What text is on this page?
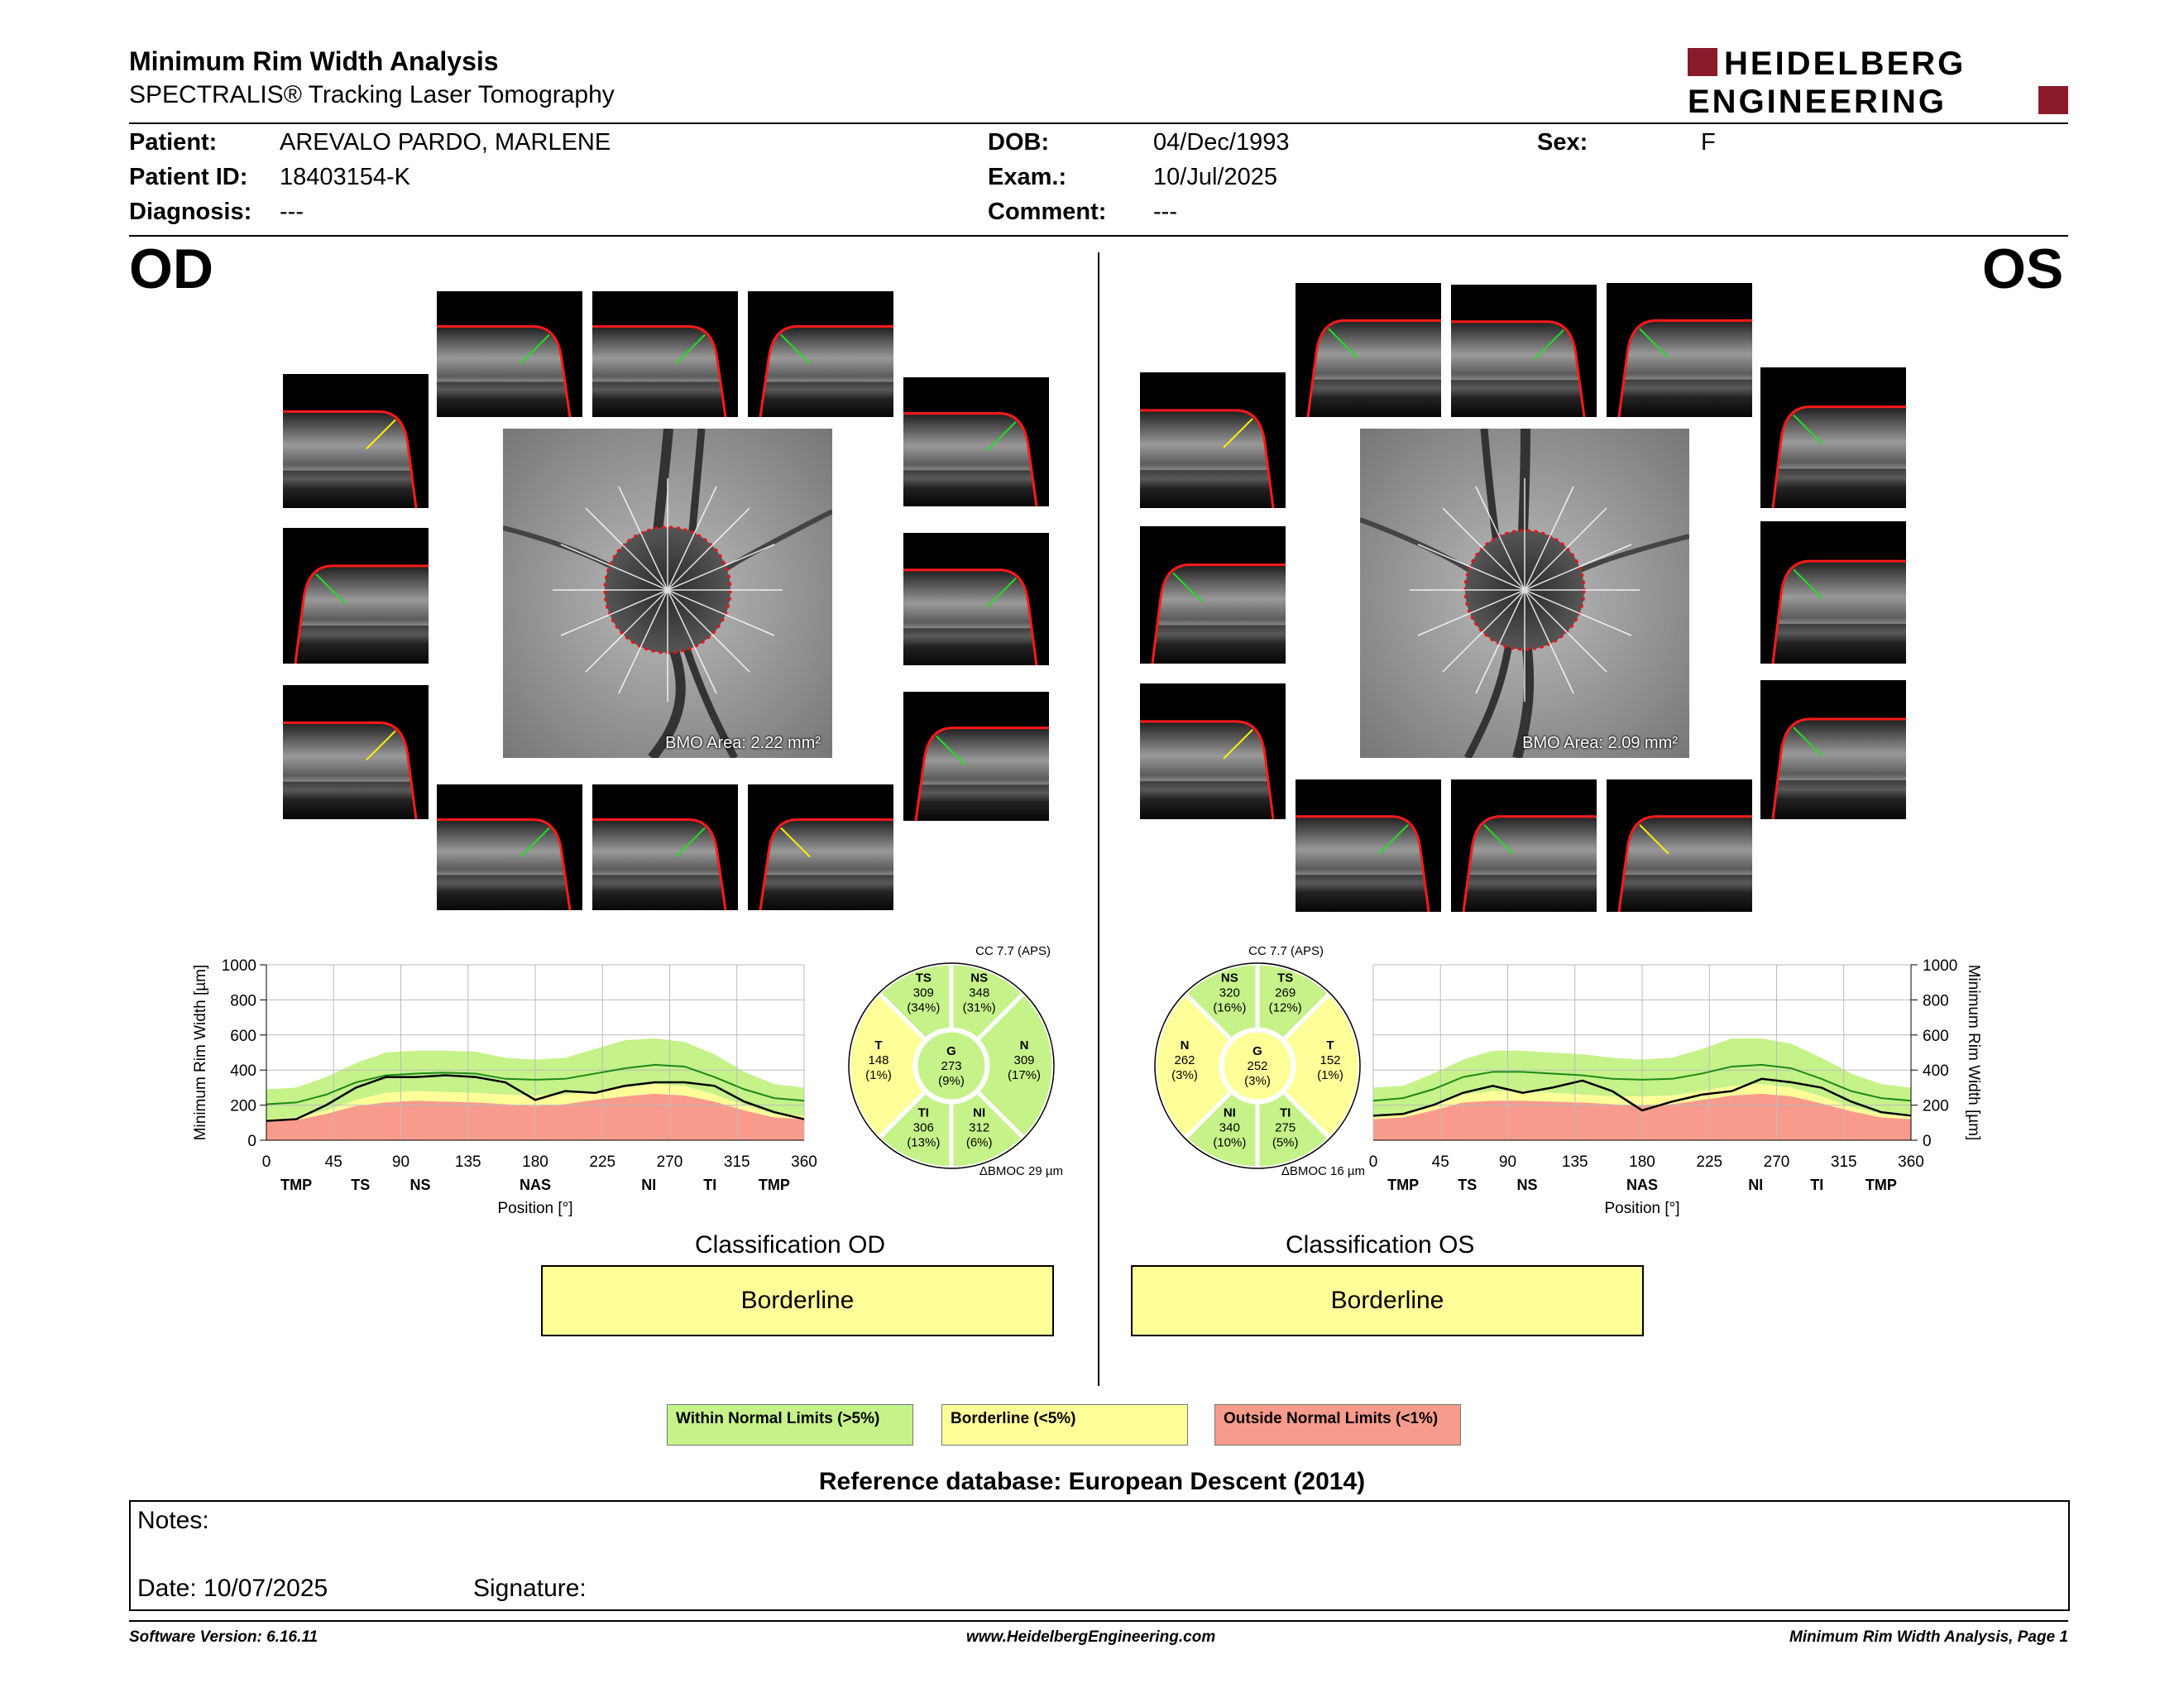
Minimum Rim Width Analysis
SPECTRALIS® Tracking Laser Tomography
HEIDELBERG
ENGINEERING
Patient:	AREVALO PARDO, MARLENE
Patient ID: 18403154-K
Diagnosis: ---
DOB:	04/Dec/1993
Exam.:	10/Jul/2025
Comment: ---
Sex:	F
OD	OS
BMO Area: 2.22 mm²	BMO Area: 2.09 mm²
0
200
400
600
800
1000
0	45	90	135	180	225	270	315	360
TMP	TS	NS	NAS	NI	TI	TMP
Position [°]
Minimum Rim Width [µm]
0
200
400
600
800
1000
0	45	90	135	180	225	270	315	360
TMP	TS	NS	NAS	NI	TI	TMP
Position [°]
Minimum Rim Width [µm]
N
309
(17%)
NS
348
(31%)
TS
309
(34%)
T
148
(1%)
TI
306
(13%)
NI
312
(6%)
G
273
(9%)
CC 7.7 (APS)
ΔBMOC 29 µm
N
262
(3%)
NS
320
(16%)
TS
269
(12%)
T
152
(1%)
TI
275
(5%)
NI
340
(10%)
G
252
(3%)
CC 7.7 (APS)
ΔBMOC 16 µm
Classification OD
Borderline
Classification OS
Borderline
Within Normal Limits (>5%)	Borderline (<5%)	Outside Normal Limits (<1%)
Reference database: European Descent (2014)
Notes:
Date: 10/07/2025	Signature:
Software Version: 6.16.11	www.HeidelbergEngineering.com	Minimum Rim Width Analysis, Page 1
